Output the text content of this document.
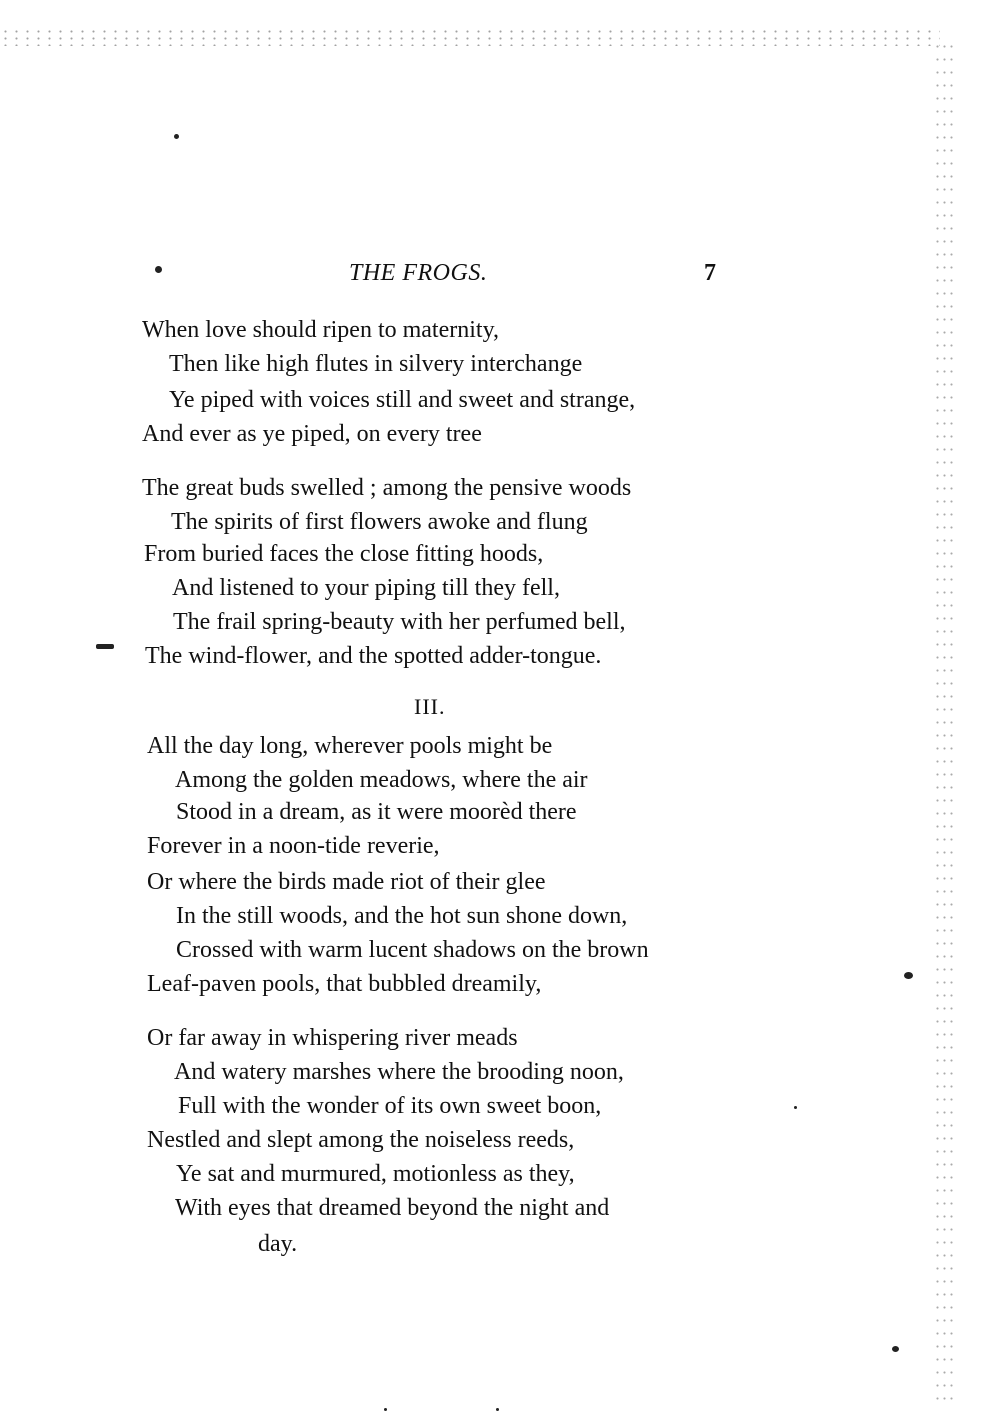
THE FROGS.	7
When love should ripen to maternity,
Then like high flutes in silvery interchange
Ye piped with voices still and sweet and strange,
And ever as ye piped, on every tree
The great buds swelled ; among the pensive woods
The spirits of first flowers awoke and flung
From buried faces the close fitting hoods,
And listened to your piping till they fell,
The frail spring-beauty with her perfumed bell,
The wind-flower, and the spotted adder-tongue.
III.
All the day long, wherever pools might be
Among the golden meadows, where the air
Stood in a dream, as it were moorèd there
Forever in a noon-tide reverie,
Or where the birds made riot of their glee
In the still woods, and the hot sun shone down,
Crossed with warm lucent shadows on the brown
Leaf-paven pools, that bubbled dreamily,
Or far away in whispering river meads
And watery marshes where the brooding noon,
Full with the wonder of its own sweet boon,
Nestled and slept among the noiseless reeds,
Ye sat and murmured, motionless as they,
With eyes that dreamed beyond the night and
day.
